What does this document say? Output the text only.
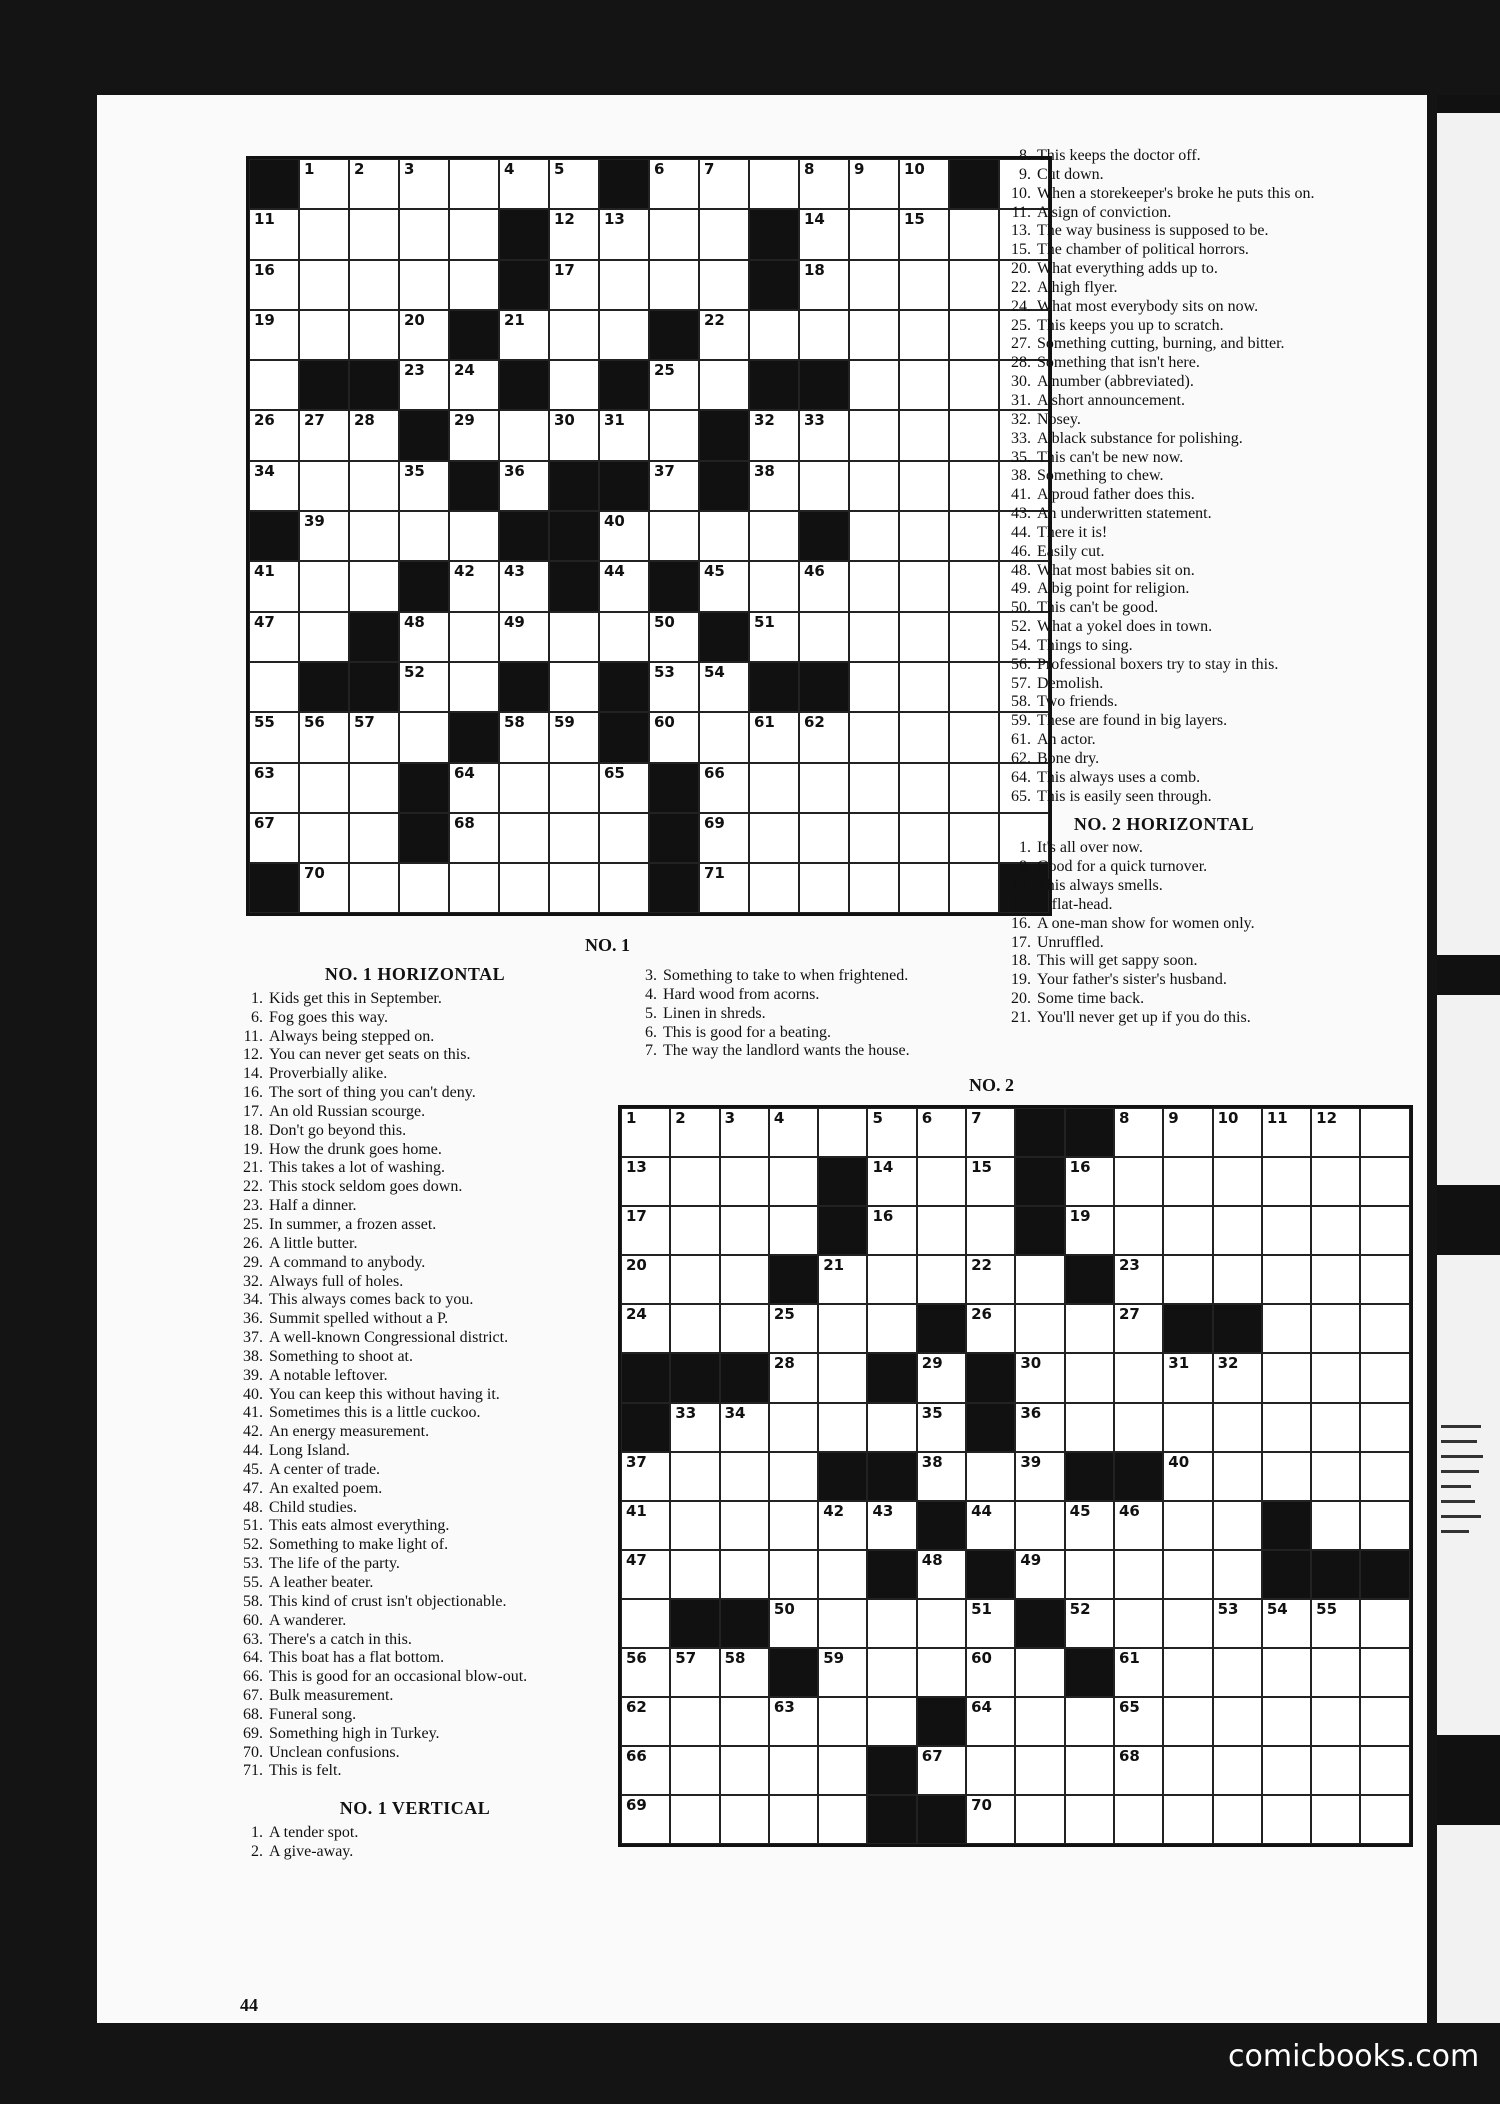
1	2	3	4	5	6	7	8	9	10
11	12 13	14	15
16	17	18
19	20	21	22
23 24	25
26 27 28	29	30 31	32 33
34	35	36	37	38
39	40
41	42 43	44	45	46
47	48	49	50	51
52	53 54
55 56 57	58 59	60	61 62
63	64	65	66
67	68	69
70	71
NO. 1
1	2	3	4	5	6	7	8	9	10 11 12
13	14	15	16
17	16	19
20	21	22	23
24	25	26	27
28	29	30	31 32
33 34	35	36
37	38	39	40
41	42 43	44	45 46
47	48	49
50	51	52	53 54 55
56 57 58	59	60	61
62	63	64	65
66	67	68
69	70
NO. 2
NO. 1 HORIZONTAL
1. Kids get this in September.
6. Fog goes this way.
11. Always being stepped on.
12. You can never get seats on this.
14. Proverbially alike.
16. The sort of thing you can't deny.
17. An old Russian scourge.
18. Don't go beyond this.
19. How the drunk goes home.
21. This takes a lot of washing.
22. This stock seldom goes down.
23. Half a dinner.
25. In summer, a frozen asset.
26. A little butter.
29. A command to anybody.
32. Always full of holes.
34. This always comes back to you.
36. Summit spelled without a P.
37. A well-known Congressional district.
38. Something to shoot at.
39. A notable leftover.
40. You can keep this without having it.
41. Sometimes this is a little cuckoo.
42. An energy measurement.
44. Long Island.
45. A center of trade.
47. An exalted poem.
48. Child studies.
51. This eats almost everything.
52. Something to make light of.
53. The life of the party.
55. A leather beater.
58. This kind of crust isn't objectionable.
60. A wanderer.
63. There's a catch in this.
64. This boat has a flat bottom.
66. This is good for an occasional blow-out.
67. Bulk measurement.
68. Funeral song.
69. Something high in Turkey.
70. Unclean confusions.
71. This is felt.
NO. 1 VERTICAL
1. A tender spot.
2. A give-away.
3. Something to take to when frightened.
4. Hard wood from acorns.
5. Linen in shreds.
6. This is good for a beating.
7. The way the landlord wants the house.
8. This keeps the doctor off.
9. Cut down.
10. When a storekeeper's broke he puts this on.
11. A sign of conviction.
13. The way business is supposed to be.
15. The chamber of political horrors.
20. What everything adds up to.
22. A high flyer.
24. What most everybody sits on now.
25. This keeps you up to scratch.
27. Something cutting, burning, and bitter.
28. Something that isn't here.
30. A number (abbreviated).
31. A short announcement.
32. Nosey.
33. A black substance for polishing.
35. This can't be new now.
38. Something to chew.
41. A proud father does this.
43. An underwritten statement.
44. There it is!
46. Easily cut.
48. What most babies sit on.
49. A big point for religion.
50. This can't be good.
52. What a yokel does in town.
54. Things to sing.
56. Professional boxers try to stay in this.
57. Demolish.
58. Two friends.
59. These are found in big layers.
61. An actor.
62. Bone dry.
64. This always uses a comb.
65. This is easily seen through.
NO. 2 HORIZONTAL
1. It's all over now.
8. Good for a quick turnover.
13. This always smells.
14. A flat-head.
16. A one-man show for women only.
17. Unruffled.
18. This will get sappy soon.
19. Your father's sister's husband.
20. Some time back.
21. You'll never get up if you do this.
44
comicbooks.com
